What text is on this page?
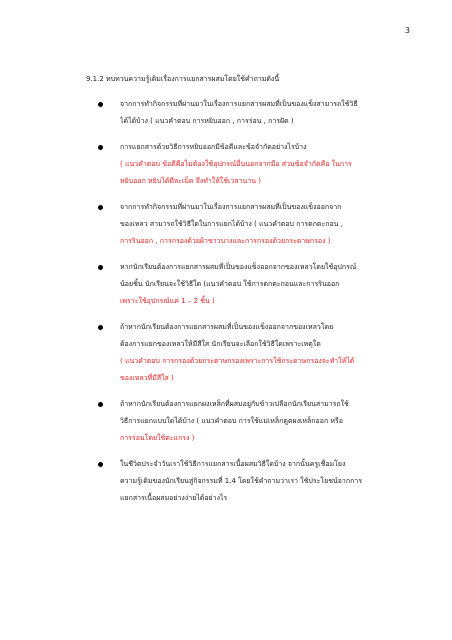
3
9.1.2 ทบทวนความรู้เดิมเรื่องการแยกสารผสมโดยใช้คำถามดังนี้
จากการทำกิจกรรมที่ผ่านมาในเรื่องการแยกสารผสมที่เป็นของแข็งสามารถใช้วิธี
ได้ได้บ้าง ( แนวคำตอบ การหยิบออก , การร่อน , การฝัด )
การแยกสารด้วยวิธีการหยิบออกมีข้อดีและข้อจำกัดอย่างไรบ้าง
( แนวคำตอบ ข้อดีคือไม่ต้องใช้อุปกรณ์อื่นนอกจากมือ ส่วนข้อจำกัดคือ ในการ
หยิบออก หยิบได้ทีละเม็ด จึงทำให้ใช้เวลานาน )
จากการทำกิจกรรมที่ผ่านมาในเรื่องการแยกสารผสมที่เป็นของแข็งออกจาก
ของเหลว สามารถใช้วิธีใดในการแยกได้บ้าง ( แนวคำตอบ การตกตะกอน ,
การรินออก , การกรองด้วยผ้าขาวบางและการกรองด้วยกระดาษกรอง )
หากนักเรียนต้องการแยกสารผสมที่เป็นของแข็งออกจากของเหลวโดยใช้อุปกรณ์
น้อยชิ้น นักเรียนจะใช้วิธีใด (แนวคำตอบ ใช้การตกตะกอนและการรินออก
เพราะใช้อุปกรณ์แค่ 1 – 2 ชิ้น )
ถ้าหากนักเรียนต้องการแยกสารผสมที่เป็นของแข็งออกจากของเหลวโดย
ต้องการแยกของเหลวให้มีสีใส นักเรียนจะเลือกใช้วิธีใดเพราะเหตุใด
( แนวคำตอบ การกรองด้วยกระดาษกรองเพราะการใช้กระดาษกรองจะทำให้ได้
ของเหลวที่มีสีใส )
ถ้าหากนักเรียนต้องการแยกผงเหล็กที่ผสมอยู่กับข้าวเปลือกนักเรียนสามารถใช้
วิธีการแยกแบบใดได้บ้าง ( แนวคำตอบ การใช้แม่เหล็กดูดผงเหล็กออก หรือ
การร่อนโดยใช้ตะแกรง )
ในชีวิตประจำวันเราใช้วิธีการแยกสารเนื้อผสมวิธีใดบ้าง จากนั้นครูเชื่อมโยง
ความรู้เดิมของนักเรียนสู่กิจกรรมที่ 1.4 โดยใช้คำถามว่าเรา ใช้ประโยชน์จากการ
แยกสารเนื้อผสมอย่างง่ายได้อย่างไร
